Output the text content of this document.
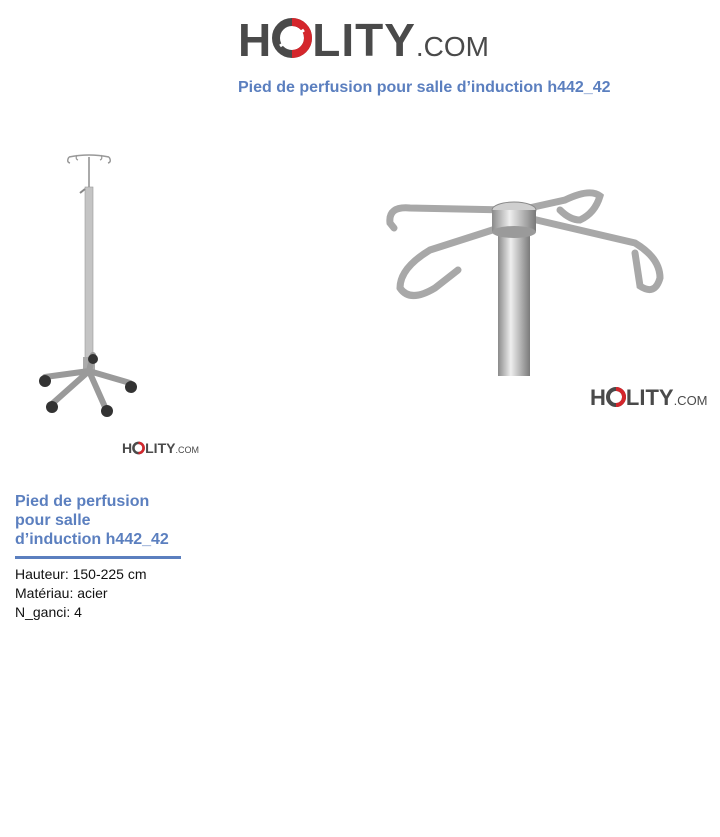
H LITY .COM
Pied de perfusion pour salle d’induction h442_42
H LITY .COM
H LITY .COM
Pied de perfusion pour salle d’induction h442_42
Hauteur: 150-225 cm
Matériau: acier
N_ganci: 4
